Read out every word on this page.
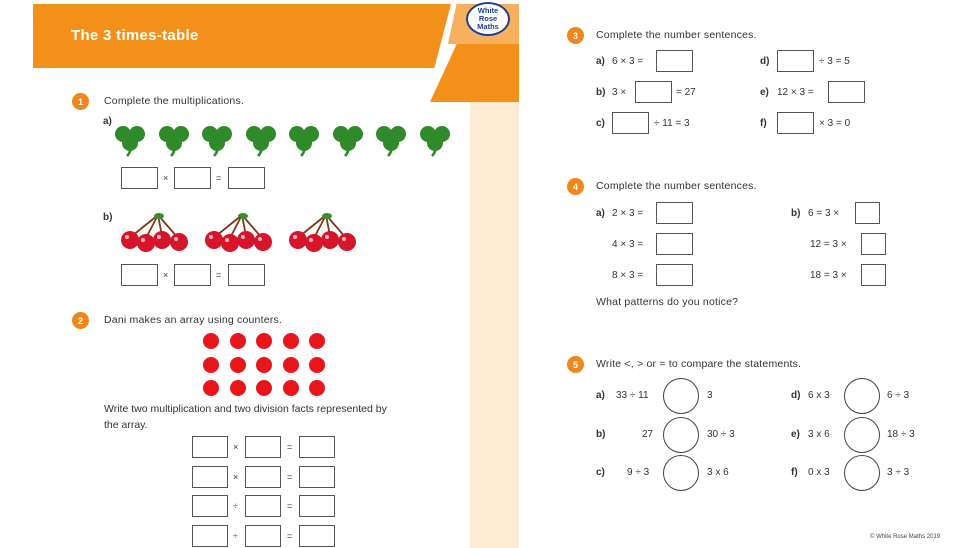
The 3 times-table
White
Rose
Maths
1	Complete the multiplications.
a)
×	=
b)
×	=
2	Dani makes an array using counters.
Write two multiplication and two division facts represented by
the array.
×	=
×	=
÷	=
÷	=
3	Complete the number sentences.
a) 6 × 3 =	d)	÷ 3 = 5
b) 3 ×	= 27	e) 12 × 3 =
c)	÷ 11 = 3	f)	× 3 = 0
4	Complete the number sentences.
a) 2 × 3 =
4 × 3 =
8 × 3 =
b) 6 = 3 ×
12 = 3 ×
18 = 3 ×
What patterns do you notice?
5	Write <, > or = to compare the statements.
a) 33 ÷ 11	3	d) 6 x 3	6 ÷ 3
b)	27	30 ÷ 3	e) 3 x 6	18 ÷ 3
c) 9 ÷ 3	3 x 6	f) 0 x 3	3 ÷ 3
© White Rose Maths 2019
